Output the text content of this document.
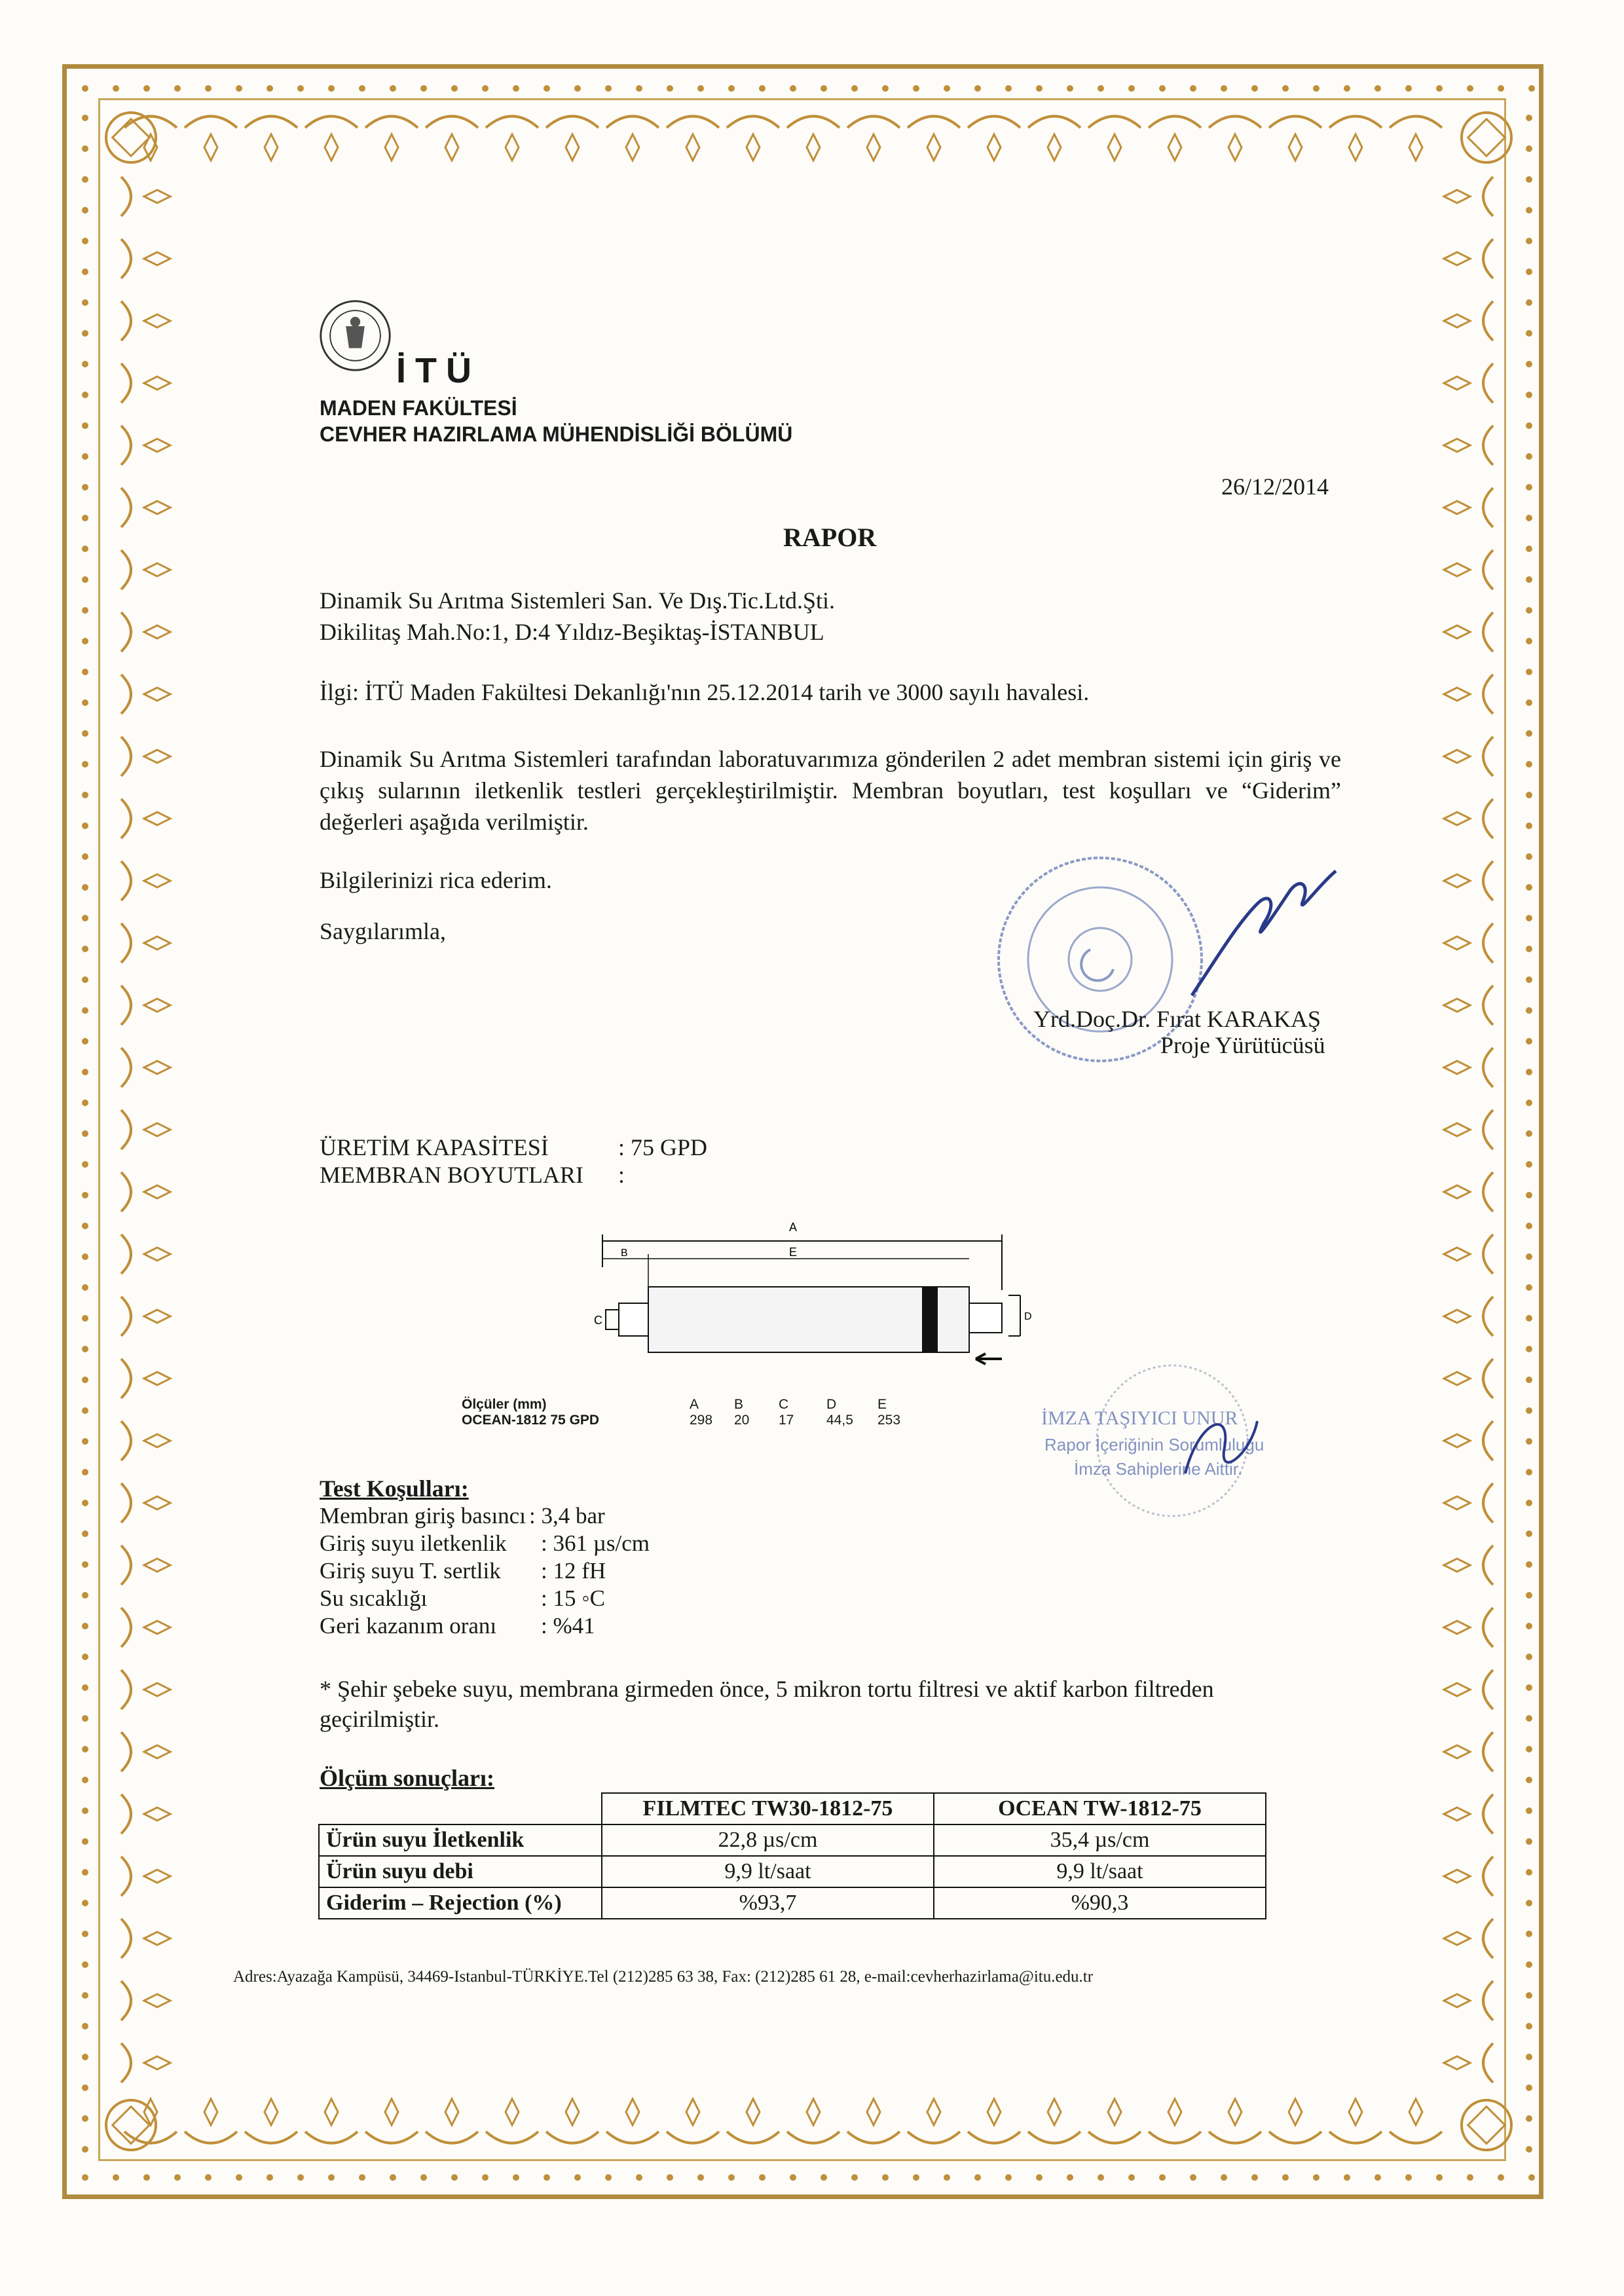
İTÜ
MADEN FAKÜLTESİ
CEVHER HAZIRLAMA MÜHENDİSLİĞİ BÖLÜMÜ
26/12/2014
RAPOR
Dinamik Su Arıtma Sistemleri San. Ve Dış.Tic.Ltd.Şti.
Dikilitaş Mah.No:1, D:4 Yıldız-Beşiktaş-İSTANBUL
İlgi: İTÜ Maden Fakültesi Dekanlığı'nın 25.12.2014 tarih ve 3000 sayılı havalesi.
Dinamik Su Arıtma Sistemleri tarafından laboratuvarımıza gönderilen 2 adet membran sistemi için giriş ve çıkış sularının iletkenlik testleri gerçekleştirilmiştir. Membran boyutları, test koşulları ve “Giderim” değerleri aşağıda verilmiştir.
Bilgilerinizi rica ederim.
Saygılarımla,
Yrd.Doç.Dr. Fırat KARAKAŞ
Proje Yürütücüsü
ÜRETİM KAPASİTESİ	: 75 GPD
MEMBRAN BOYUTLARI :
A
B
C	D
E
Ölçüler (mm)	A	B	C	D	E
OCEAN-1812 75 GPD	298	20	17	44,5	253	İMZA TAŞIYICI UNUR
Rapor İçeriğinin Sorumluluğu
İmza Sahiplerine Aittir.
Test Koşulları:
Membran giriş basıncı : 3,4 bar
Giriş suyu iletkenlik : 361 µs/cm
Giriş suyu T. sertlik : 12 fH
Su sıcaklığı	: 15 ◦C
Geri kazanım oranı : %41
* Şehir şebeke suyu, membrana girmeden önce, 5 mikron tortu filtresi ve aktif karbon filtreden geçirilmiştir.
Ölçüm sonuçları:
	FILMTEC TW30-1812-75	OCEAN TW-1812-75
Ürün suyu İletkenlik	22,8 µs/cm	35,4 µs/cm
Ürün suyu debi	9,9 lt/saat	9,9 lt/saat
Giderim – Rejection (%)	%93,7	%90,3
Adres:Ayazağa Kampüsü, 34469-Istanbul-TÜRKİYE.Tel (212)285 63 38, Fax: (212)285 61 28, e-mail:cevherhazirlama@itu.edu.tr
